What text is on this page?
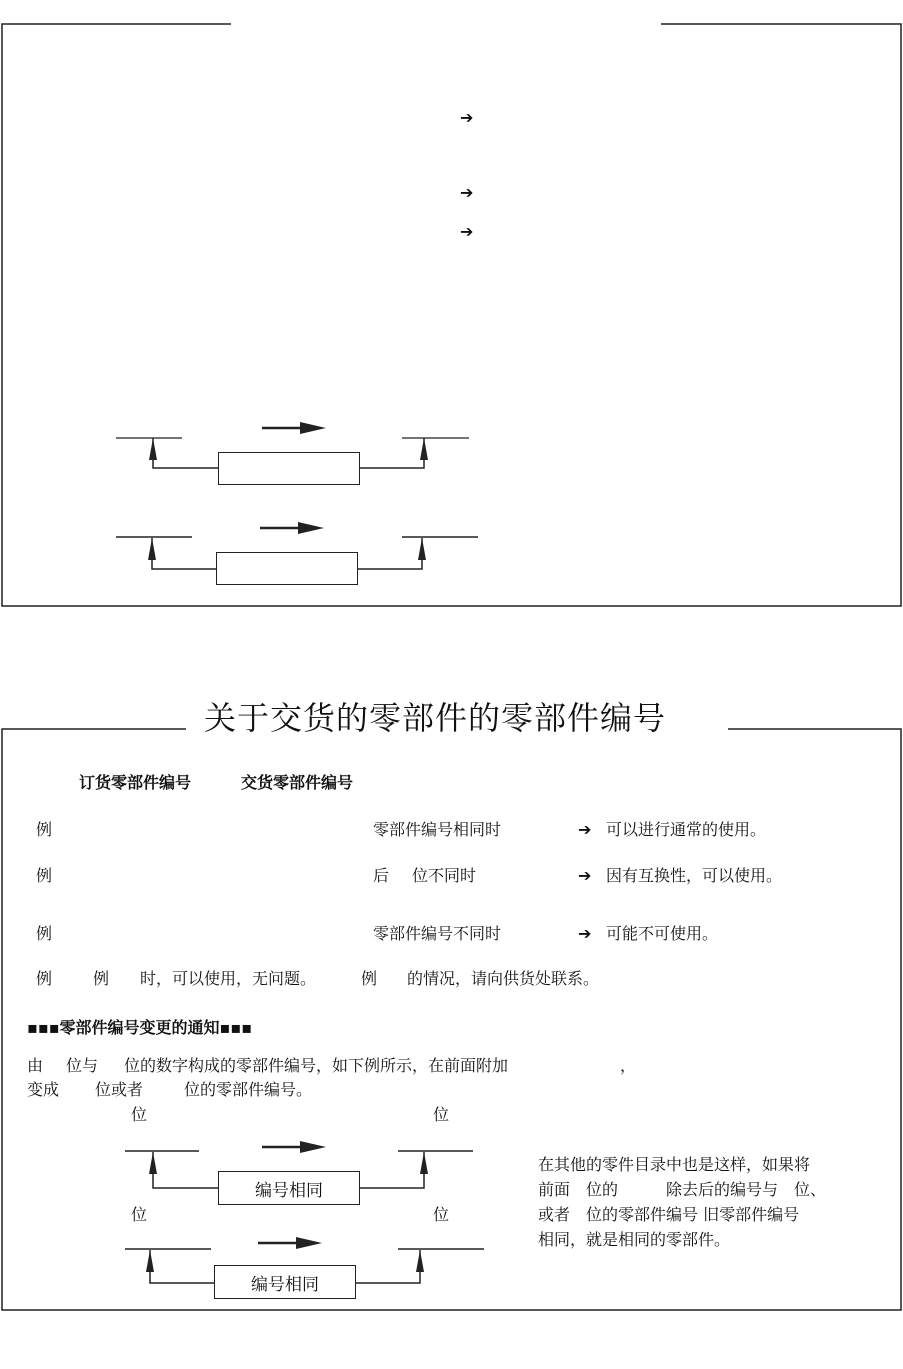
➔
➔
➔
关于交货的零部件的零部件编号
订货零部件编号	交货零部件编号
例	零部件编号相同时	➔ 可以进行通常的使用。
例	后 位不同时	➔ 因有互换性，可以使用。
例	零部件编号不同时	➔ 可能不可使用。
例	例 时，可以使用，无问题。	例 的情况，请向供货处联系。
▪▪▪零部件编号变更的通知▪▪▪
由 位与 位的数字构成的零部件编号，如下例所示，在前面附加	，
变成 位或者	位的零部件编号。
位	位
位	位
编号相同
编号相同
在其他的零件目录中也是这样，如果将
前面　位的　　　除去后的编号与　位、
或者　位的零部件编号 旧零部件编号
相同，就是相同的零部件。
